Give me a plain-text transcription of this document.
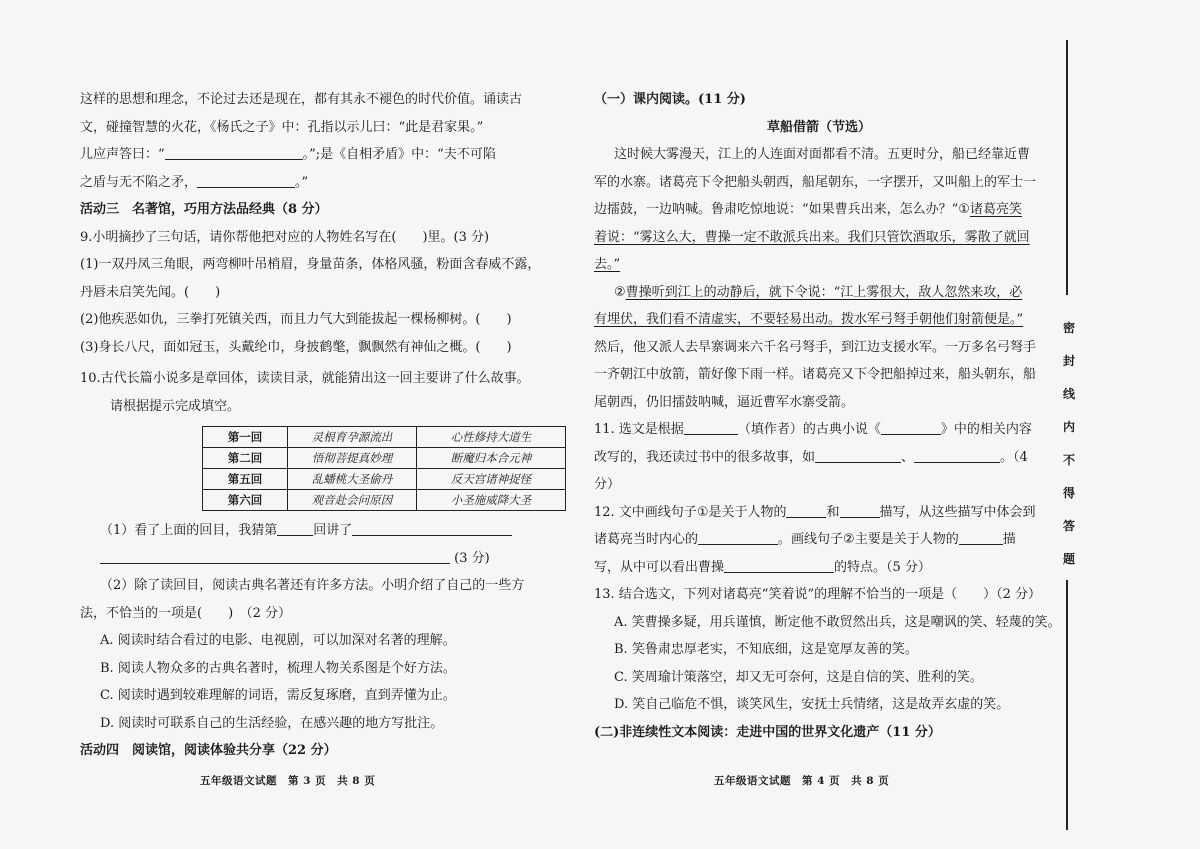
这样的思想和理念，不论过去还是现在，都有其永不褪色的时代价值。诵读古
文，碰撞智慧的火花，《杨氏之子》中：孔指以示儿曰：“此是君家果。”
儿应声答曰：“	。”;是《自相矛盾》中：“夫不可陷
之盾与无不陷之矛，	。”
活动三　名著馆，巧用方法品经典（8 分）
9.小明摘抄了三句话，请你帮他把对应的人物姓名写在(　　)里。(3 分)
(1)一双丹凤三角眼，两弯柳叶吊梢眉，身量苗条，体格风骚，粉面含春威不露，
丹唇未启笑先闻。( )
(2)他疾恶如仇，三拳打死镇关西，而且力气大到能拔起一棵杨柳树。( )
(3)身长八尺，面如冠玉，头戴纶巾，身披鹤氅，飘飘然有神仙之概。( )
10.古代长篇小说多是章回体，读读目录，就能猜出这一回主要讲了什么故事。
请根据提示完成填空。
第一回	灵根育孕源流出	心性修持大道生
第二回	悟彻菩提真妙理	断魔归本合元神
第五回	乱蟠桃大圣偷丹	反天宫诸神捉怪
第六回	观音赴会问原因	小圣施威降大圣
（1）看了上面的回目，我猜第	回讲了
(3 分)
（2）除了读回目，阅读古典名著还有许多方法。小明介绍了自己的一些方
法，不恰当的一项是(　　)　（2 分）
A. 阅读时结合看过的电影、电视剧，可以加深对名著的理解。
B. 阅读人物众多的古典名著时，梳理人物关系图是个好方法。
C. 阅读时遇到较难理解的词语，需反复琢磨，直到弄懂为止。
D. 阅读时可联系自己的生活经验，在感兴趣的地方写批注。
活动四　阅读馆，阅读体验共分享（22 分）
（一）课内阅读。(11 分)
草船借箭（节选）
这时候大雾漫天，江上的人连面对面都看不清。五更时分，船已经靠近曹
军的水寨。诸葛亮下令把船头朝西，船尾朝东，一字摆开，又叫船上的军士一
边擂鼓，一边呐喊。鲁肃吃惊地说：“如果曹兵出来，怎么办？”①诸葛亮笑
着说：“雾这么大，曹操一定不敢派兵出来。我们只管饮酒取乐，雾散了就回
去。”
②曹操听到江上的动静后，就下令说：“江上雾很大，敌人忽然来攻，必
有埋伏，我们看不清虚实，不要轻易出动。拨水军弓弩手朝他们射箭便是。”
然后，他又派人去旱寨调来六千名弓弩手，到江边支援水军。一万多名弓弩手
一齐朝江中放箭，箭好像下雨一样。诸葛亮又下令把船掉过来，船头朝东，船
尾朝西，仍旧擂鼓呐喊，逼近曹军水寨受箭。
11. 选文是根据	（填作者）的古典小说《	》中的相关内容
改写的，我还读过书中的很多故事，如	、	。（4
分）
12. 文中画线句子①是关于人物的	和	描写，从这些描写中体会到
诸葛亮当时内心的	。画线句子②主要是关于人物的	描
写，从中可以看出曹操	的特点。（5 分）
13. 结合选文，下列对诸葛亮“笑着说”的理解不恰当的一项是（　　）（2 分）
A. 笑曹操多疑，用兵谨慎，断定他不敢贸然出兵，这是嘲讽的笑、轻蔑的笑。
B. 笑鲁肃忠厚老实，不知底细，这是宽厚友善的笑。
C. 笑周瑜计策落空，却又无可奈何，这是自信的笑、胜利的笑。
D. 笑自己临危不惧，谈笑风生，安抚士兵情绪，这是故弄玄虚的笑。
(二)非连续性文本阅读：走进中国的世界文化遗产（11 分）
五年级语文试题　第 3 页　共 8 页	五年级语文试题　第 4 页　共 8 页
密
封
线
内
不
得
答
题
